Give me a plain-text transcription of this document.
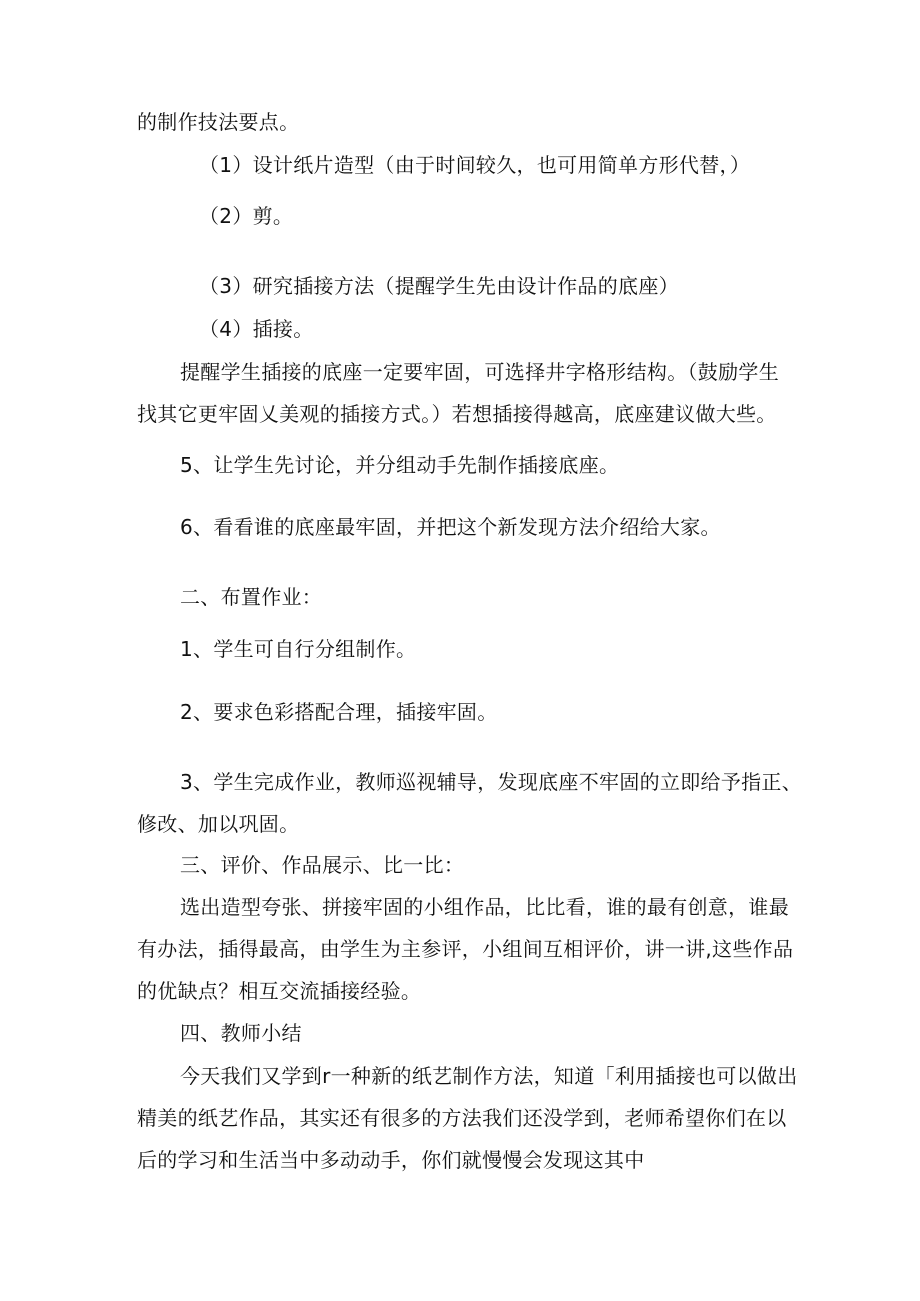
的制作技法要点。
（1）设计纸片造型（由于时间较久，也可用简单方形代替，）
（2）剪。
（3）研究插接方法（提醒学生先由设计作品的底座）
（4）插接。
提醒学生插接的底座一定要牢固，可选择井字格形结构。（鼓励学生
找其它更牢固乂美观的插接方式。）若想插接得越高，底座建议做大些。
5、让学生先讨论，并分组动手先制作插接底座。
6、看看谁的底座最牢固，并把这个新发现方法介绍给大家。
二、布置作业：
1、学生可自行分组制作。
2、要求色彩搭配合理，插接牢固。
3、学生完成作业，教师巡视辅导，发现底座不牢固的立即给予指正、
修改、加以巩固。
三、评价、作品展示、比一比：
选出造型夸张、拼接牢固的小组作品，比比看，谁的最有创意，谁最
有办法，插得最高，由学生为主参评，小组间互相评价，讲一讲,这些作品
的优缺点？相互交流插接经验。
四、教师小结
今天我们又学到r一种新的纸艺制作方法，知道「利用插接也可以做出
精美的纸艺作品，其实还有很多的方法我们还没学到，老师希望你们在以
后的学习和生活当中多动动手，你们就慢慢会发现这其中
